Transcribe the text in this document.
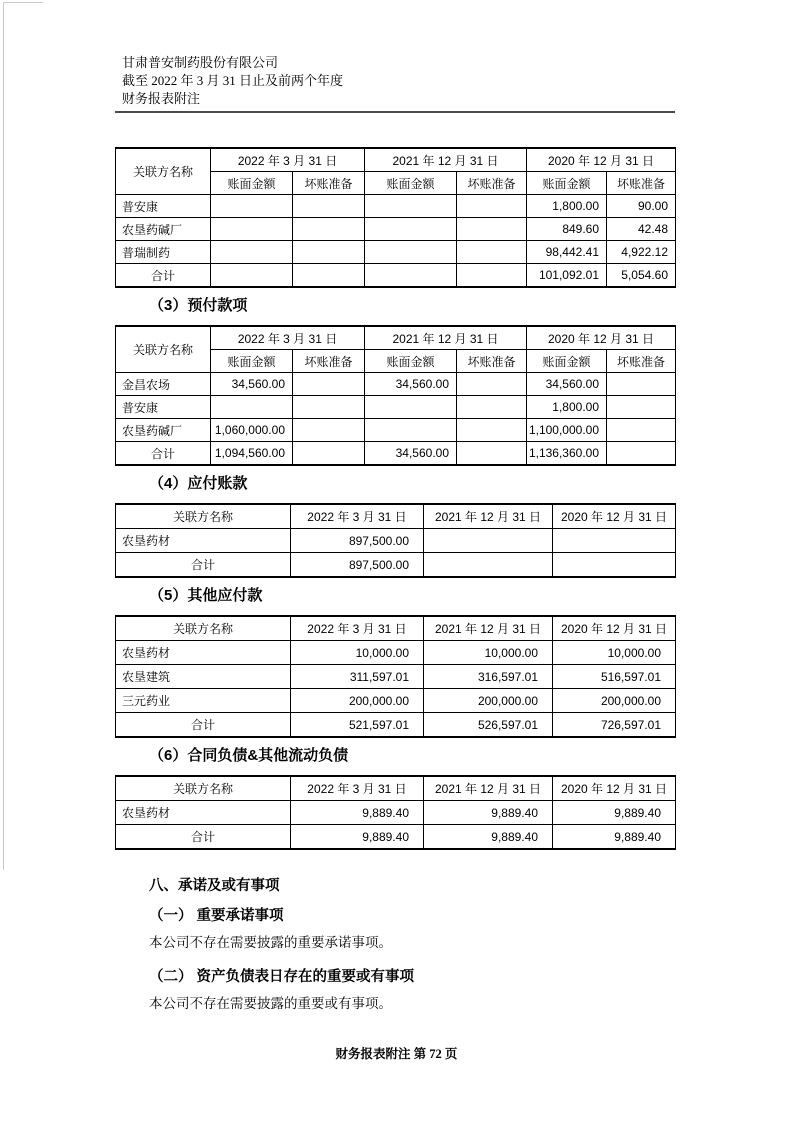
甘肃普安制药股份有限公司
截至 2022 年 3 月 31 日止及前两个年度
财务报表附注
关联方名称	2022 年 3 月 31 日		2021 年 12 月 31 日		2020 年 12 月 31 日	
	账面金额	坏账准备	账面金额	坏账准备	账面金额	坏账准备
普安康					1,800.00	90.00
农垦药碱厂					849.60	42.48
普瑞制药					98,442.41	4,922.12
合计					101,092.01	5,054.60
（3）预付款项
关联方名称	2022 年 3 月 31 日		2021 年 12 月 31 日		2020 年 12 月 31 日	
	账面金额	坏账准备	账面金额	坏账准备	账面金额	坏账准备
金昌农场	34,560.00		34,560.00		34,560.00	
普安康					1,800.00	
农垦药碱厂	1,060,000.00				1,100,000.00	
合计	1,094,560.00		34,560.00		1,136,360.00	
（4）应付账款
关联方名称	2022 年 3 月 31 日	2021 年 12 月 31 日	2020 年 12 月 31 日
农垦药材	897,500.00		
合计	897,500.00		
（5）其他应付款
关联方名称	2022 年 3 月 31 日	2021 年 12 月 31 日	2020 年 12 月 31 日
农垦药材	10,000.00	10,000.00	10,000.00
农垦建筑	311,597.01	316,597.01	516,597.01
三元药业	200,000.00	200,000.00	200,000.00
合计	521,597.01	526,597.01	726,597.01
（6）合同负债&其他流动负债
关联方名称	2022 年 3 月 31 日	2021 年 12 月 31 日	2020 年 12 月 31 日
农垦药材	9,889.40	9,889.40	9,889.40
合计	9,889.40	9,889.40	9,889.40
八、承诺及或有事项
（一） 重要承诺事项

本公司不存在需要披露的重要承诺事项。

（二） 资产负债表日存在的重要或有事项

本公司不存在需要披露的重要或有事项。

财务报表附注 第 72 页
